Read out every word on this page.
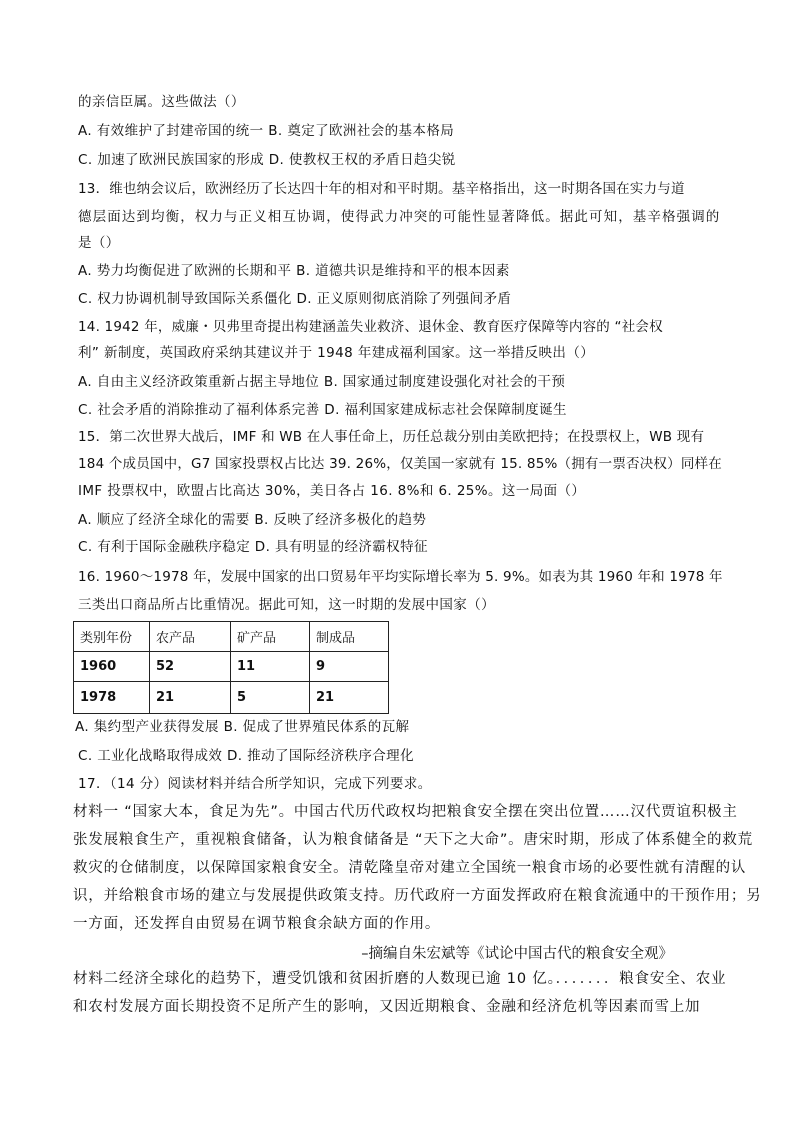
的亲信臣属。这些做法（）
A. 有效维护了封建帝国的统一 B. 奠定了欧洲社会的基本格局
C. 加速了欧洲民族国家的形成 D. 使教权王权的矛盾日趋尖锐
13．维也纳会议后，欧洲经历了长达四十年的相对和平时期。基辛格指出，这一时期各国在实力与道
德层面达到均衡，权力与正义相互协调，使得武力冲突的可能性显著降低。据此可知，基辛格强调的
是（）
A. 势力均衡促进了欧洲的长期和平 B. 道德共识是维持和平的根本因素
C. 权力协调机制导致国际关系僵化 D. 正义原则彻底消除了列强间矛盾
14. 1942 年，威廉・贝弗里奇提出构建涵盖失业救济、退休金、教育医疗保障等内容的 “社会权
利” 新制度，英国政府采纳其建议并于 1948 年建成福利国家。这一举措反映出（）
A. 自由主义经济政策重新占据主导地位 B. 国家通过制度建设强化对社会的干预
C. 社会矛盾的消除推动了福利体系完善 D. 福利国家建成标志社会保障制度诞生
15．第二次世界大战后，IMF 和 WB 在人事任命上，历任总裁分别由美欧把持；在投票权上，WB 现有
184 个成员国中，G7 国家投票权占比达 39. 26%，仅美国一家就有 15. 85%（拥有一票否决权）同样在
IMF 投票权中，欧盟占比高达 30%，美日各占 16. 8%和 6. 25%。这一局面（）
A. 顺应了经济全球化的需要 B. 反映了经济多极化的趋势
C. 有利于国际金融秩序稳定 D. 具有明显的经济霸权特征
16. 1960～1978 年，发展中国家的出口贸易年平均实际增长率为 5. 9%。如表为其 1960 年和 1978 年
三类出口商品所占比重情况。据此可知，这一时期的发展中国家（）
类别年份	农产品	矿产品	制成品
1960	52	11	9
1978	21	5	21
A. 集约型产业获得发展 B. 促成了世界殖民体系的瓦解
C. 工业化战略取得成效 D. 推动了国际经济秩序合理化
17．（14 分）阅读材料并结合所学知识，完成下列要求。
材料一 “国家大本，食足为先”。中国古代历代政权均把粮食安全摆在突出位置……汉代贾谊积极主
张发展粮食生产，重视粮食储备，认为粮食储备是 “天下之大命”。唐宋时期，形成了体系健全的救荒
救灾的仓储制度，以保障国家粮食安全。清乾隆皇帝对建立全国统一粮食市场的必要性就有清醒的认
识，并给粮食市场的建立与发展提供政策支持。历代政府一方面发挥政府在粮食流通中的干预作用；另
一方面，还发挥自由贸易在调节粮食余缺方面的作用。
–摘编自朱宏斌等《试论中国古代的粮食安全观》
材料二经济全球化的趋势下，遭受饥饿和贫困折磨的人数现已逾 10 亿。．．．．．．．粮食安全、农业
和农村发展方面长期投资不足所产生的影响，又因近期粮食、金融和经济危机等因素而雪上加
